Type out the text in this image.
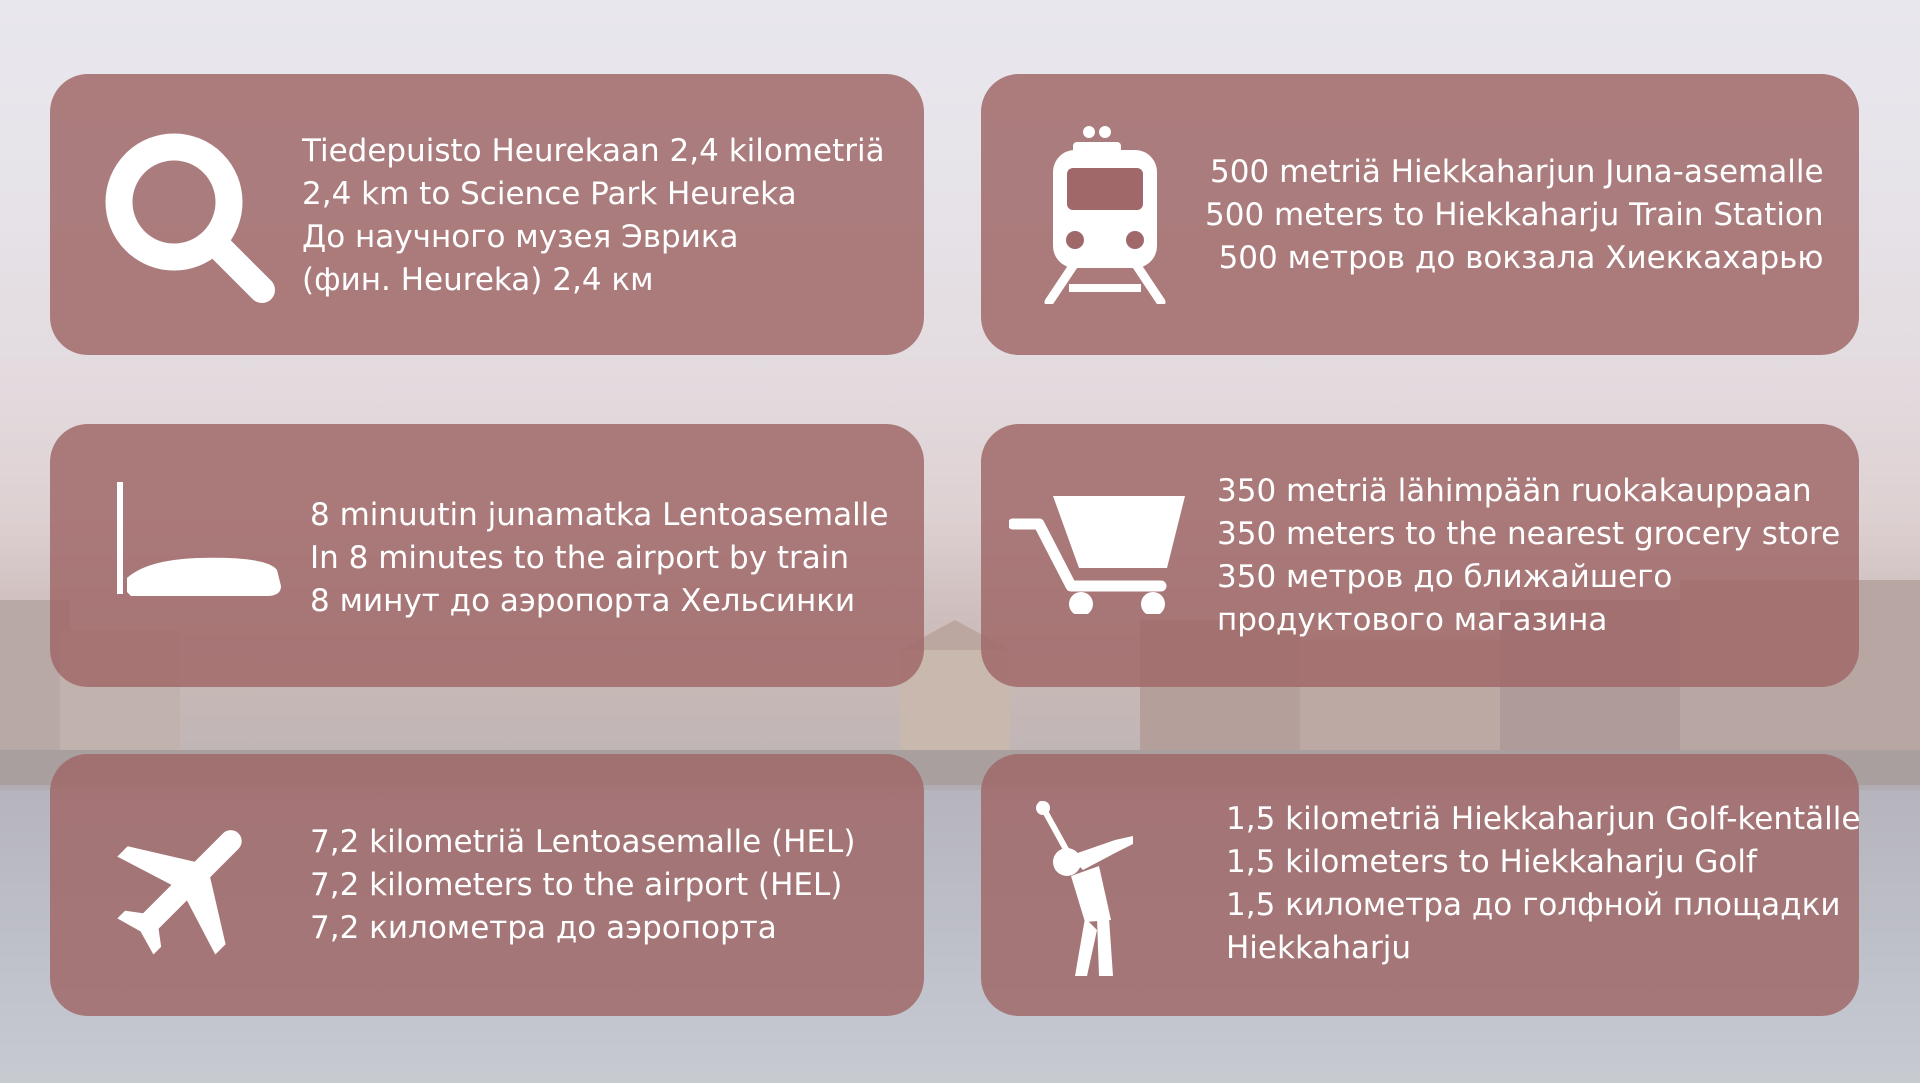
Tiedepuisto Heurekaan 2,4 kilometriä
2,4 km to Science Park Heureka
До научного музея Эврика
(фин. Heureka) 2,4 км
500 metriä Hiekkaharjun Juna-asemalle
500 meters to Hiekkaharju Train Station
500 метров до вокзала Хиеккахарью
8 minuutin junamatka Lentoasemalle
In 8 minutes to the airport by train
8 минут до аэропорта Хельсинки
350 metriä lähimpään ruokakauppaan
350 meters to the nearest grocery store
350 метров до ближайшего
продуктового магазина
7,2 kilometriä Lentoasemalle (HEL)
7,2 kilometers to the airport (HEL)
7,2 километра до аэропорта
1,5 kilometriä Hiekkaharjun Golf-kentälle
1,5 kilometers to Hiekkaharju Golf
1,5 километра до голфной площадки
Hiekkaharju
